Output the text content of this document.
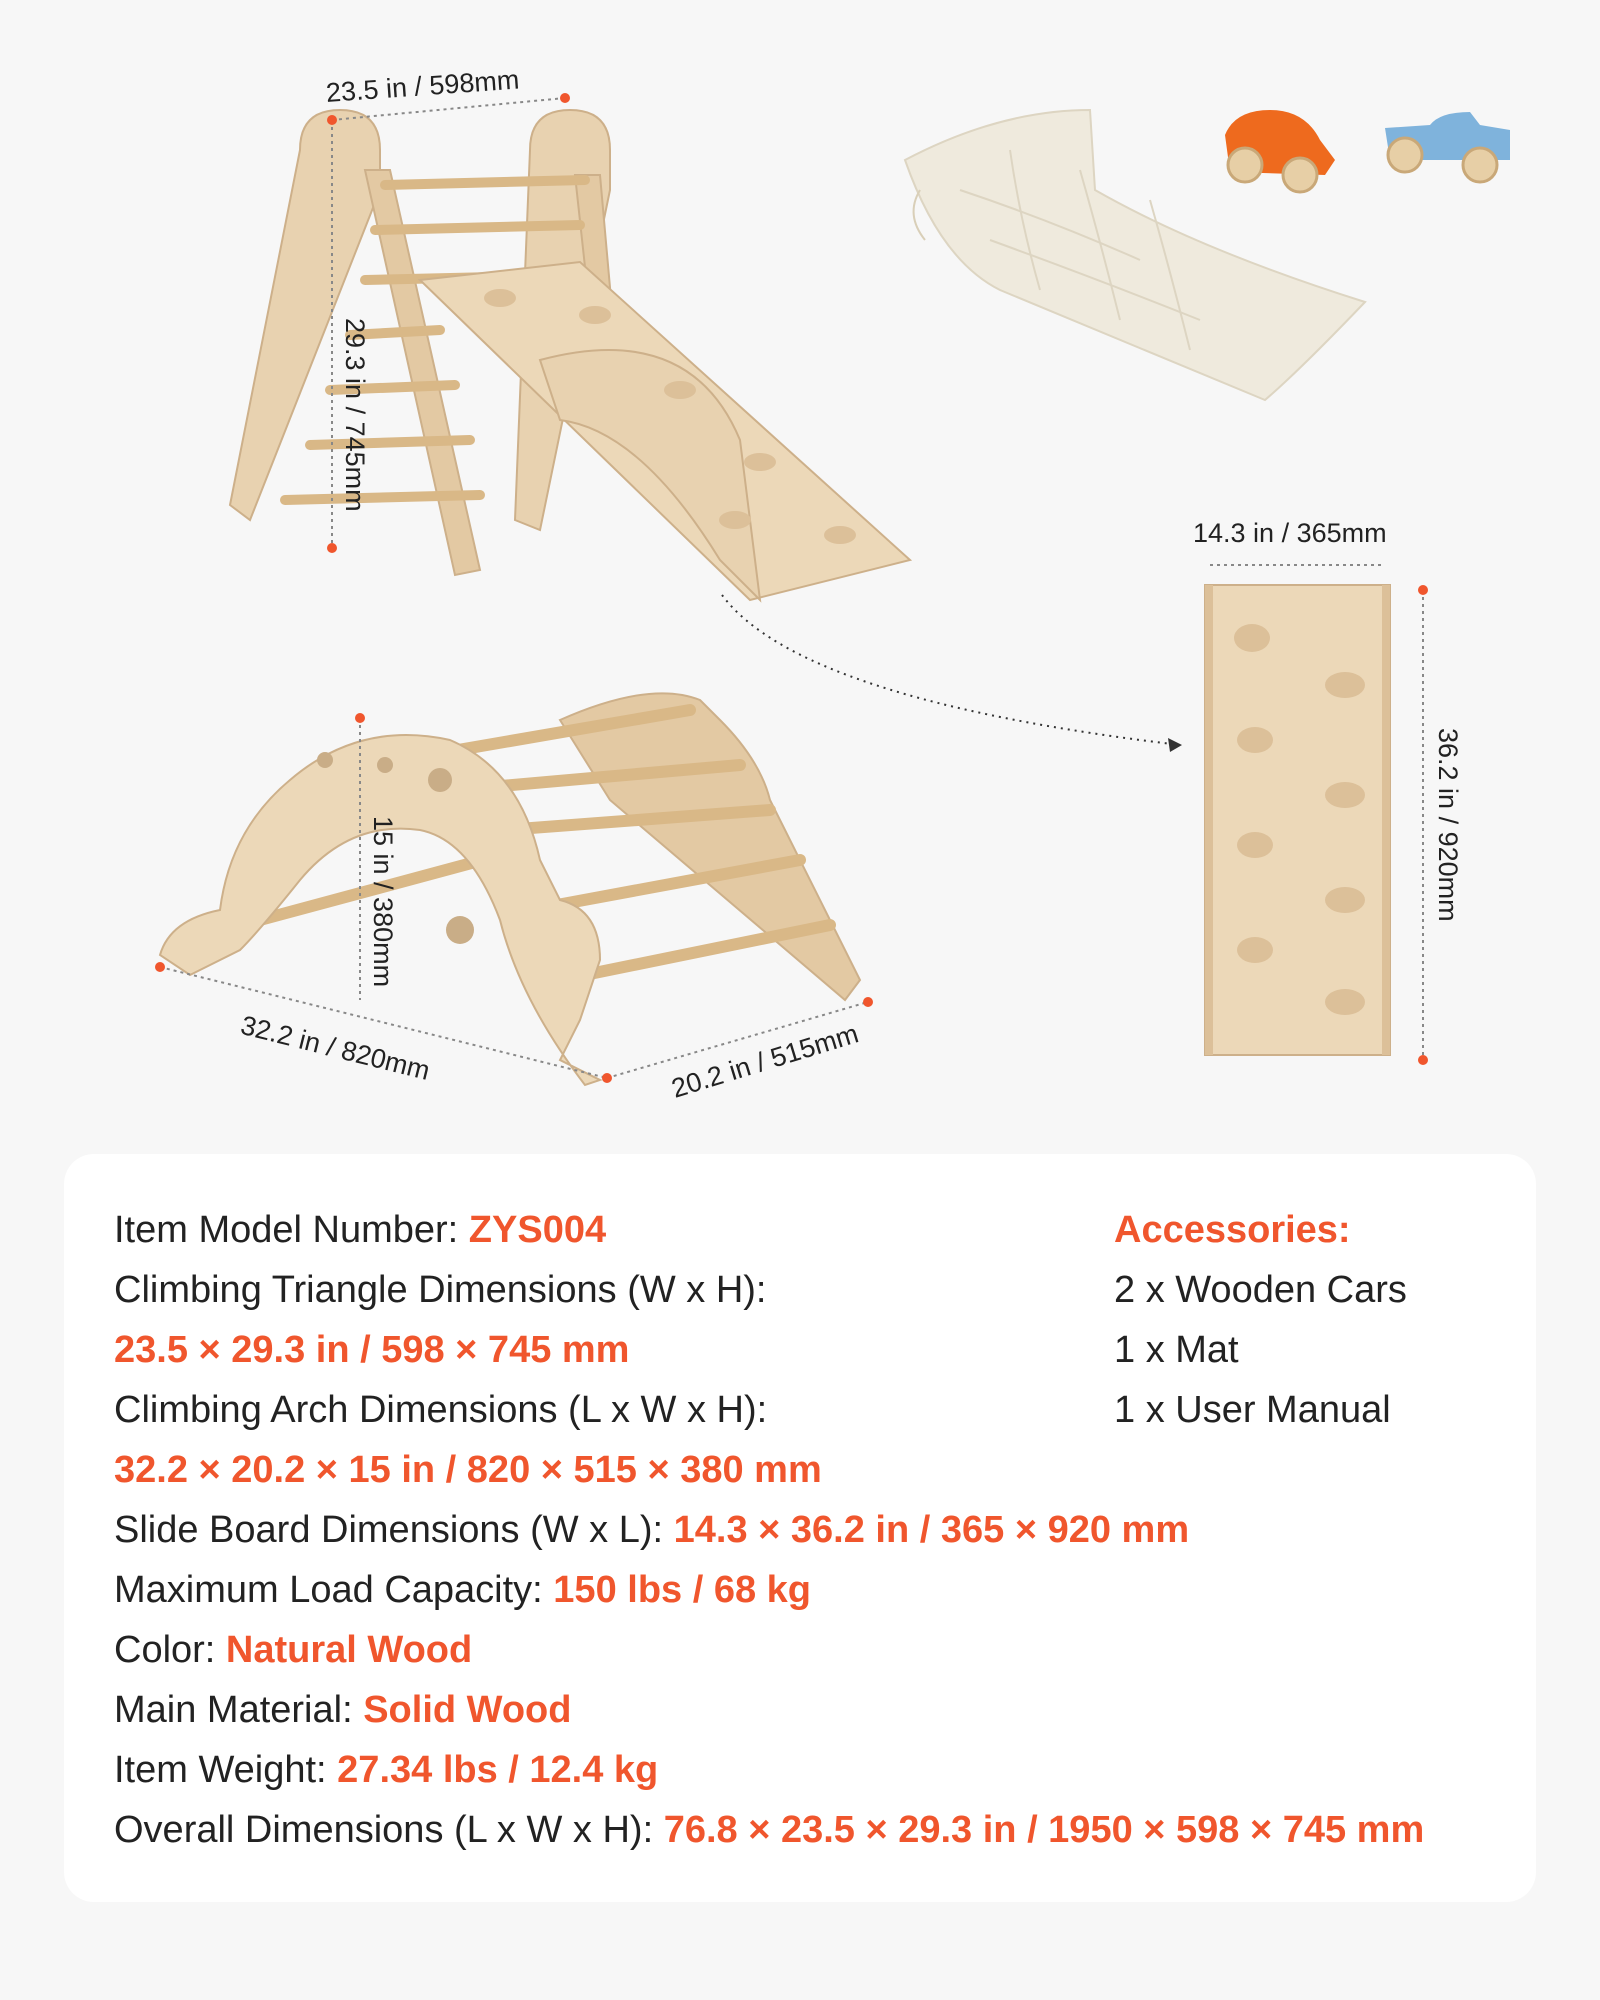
23.5 in / 598mm
29.3 in / 745mm
14.3 in / 365mm
36.2 in / 920mm
15 in / 380mm
32.2 in / 820mm	20.2 in / 515mm
Item Model Number: ZYS004
Climbing Triangle Dimensions (W x H):
23.5 × 29.3 in / 598 × 745 mm
Climbing Arch Dimensions (L x W x H):
32.2 × 20.2 × 15 in / 820 × 515 × 380 mm
Slide Board Dimensions (W x L): 14.3 × 36.2 in / 365 × 920 mm
Maximum Load Capacity: 150 lbs / 68 kg
Color: Natural Wood
Main Material: Solid Wood
Item Weight: 27.34 lbs / 12.4 kg
Overall Dimensions (L x W x H): 76.8 × 23.5 × 29.3 in / 1950 × 598 × 745 mm
Accessories:
2 x Wooden Cars
1 x Mat
1 x User Manual
